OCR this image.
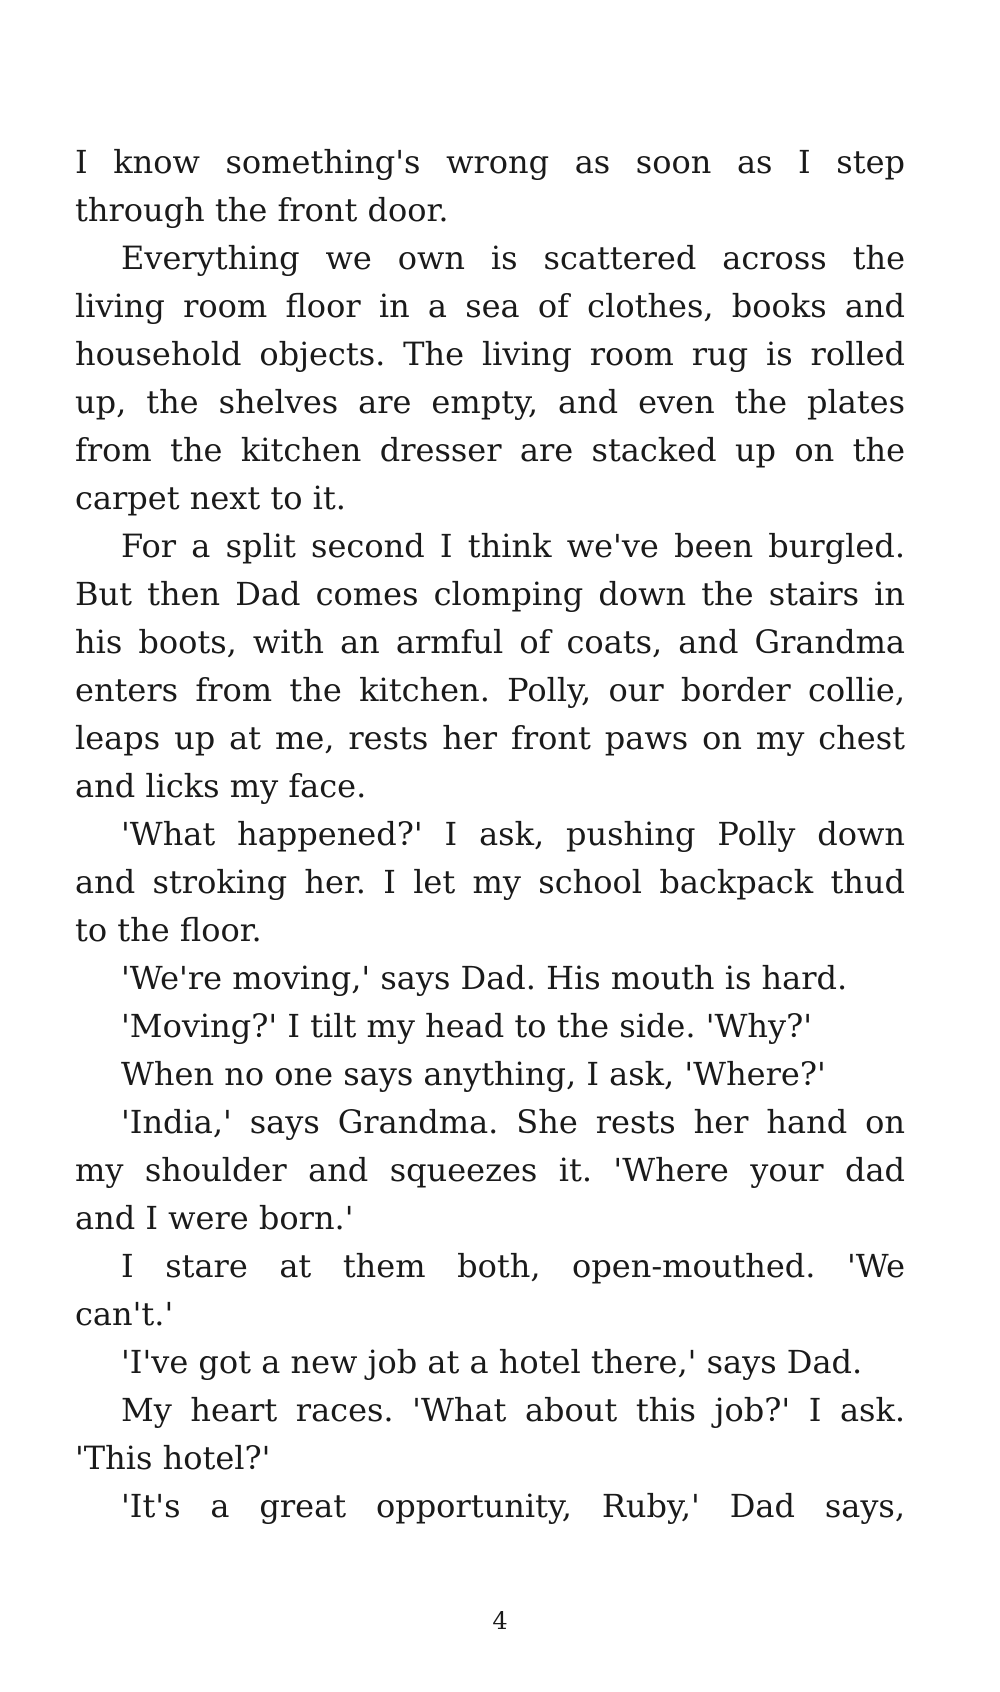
I know something's wrong as soon as I step
through the front door.
Everything we own is scattered across the
living room floor in a sea of clothes, books and
household objects. The living room rug is rolled
up, the shelves are empty, and even the plates
from the kitchen dresser are stacked up on the
carpet next to it.
For a split second I think we've been burgled.
But then Dad comes clomping down the stairs in
his boots, with an armful of coats, and Grandma
enters from the kitchen. Polly, our border collie,
leaps up at me, rests her front paws on my chest
and licks my face.
'What happened?' I ask, pushing Polly down
and stroking her. I let my school backpack thud
to the floor.
'We're moving,' says Dad. His mouth is hard.
'Moving?' I tilt my head to the side. 'Why?'
When no one says anything, I ask, 'Where?'
'India,' says Grandma. She rests her hand on
my shoulder and squeezes it. 'Where your dad
and I were born.'
I stare at them both, open-mouthed. 'We
can't.'
'I've got a new job at a hotel there,' says Dad.
My heart races. 'What about this job?' I ask.
'This hotel?'
'It's a great opportunity, Ruby,' Dad says,
4
